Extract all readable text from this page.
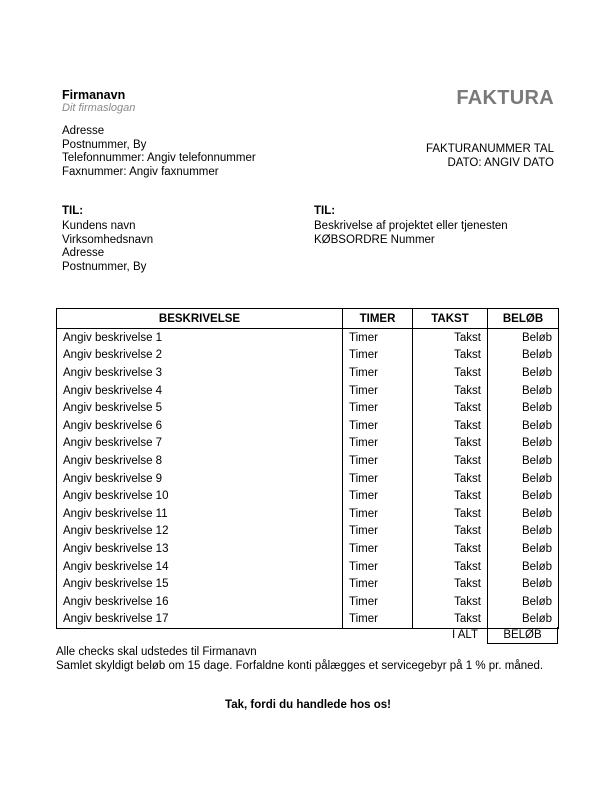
Firmanavn
Dit firmaslogan	FAKTURA
Adresse
Postnummer, By
Telefonnummer: Angiv telefonnummer
Faxnummer: Angiv faxnummer
FAKTURANUMMER TAL
DATO: ANGIV DATO
TIL:
Kundens navn
Virksomhedsnavn
Adresse
Postnummer, By
TIL:
Beskrivelse af projektet eller tjenesten
KØBSORDRE Nummer
BESKRIVELSE	TIMER	TAKST	BELØB
Angiv beskrivelse 1	Timer	Takst	Beløb
Angiv beskrivelse 2	Timer	Takst	Beløb
Angiv beskrivelse 3	Timer	Takst	Beløb
Angiv beskrivelse 4	Timer	Takst	Beløb
Angiv beskrivelse 5	Timer	Takst	Beløb
Angiv beskrivelse 6	Timer	Takst	Beløb
Angiv beskrivelse 7	Timer	Takst	Beløb
Angiv beskrivelse 8	Timer	Takst	Beløb
Angiv beskrivelse 9	Timer	Takst	Beløb
Angiv beskrivelse 10	Timer	Takst	Beløb
Angiv beskrivelse 11	Timer	Takst	Beløb
Angiv beskrivelse 12	Timer	Takst	Beløb
Angiv beskrivelse 13	Timer	Takst	Beløb
Angiv beskrivelse 14	Timer	Takst	Beløb
Angiv beskrivelse 15	Timer	Takst	Beløb
Angiv beskrivelse 16	Timer	Takst	Beløb
Angiv beskrivelse 17	Timer	Takst	Beløb
I ALT	BELØB
Alle checks skal udstedes til Firmanavn
Samlet skyldigt beløb om 15 dage. Forfaldne konti pålægges et servicegebyr på 1 % pr. måned.
Tak, fordi du handlede hos os!
